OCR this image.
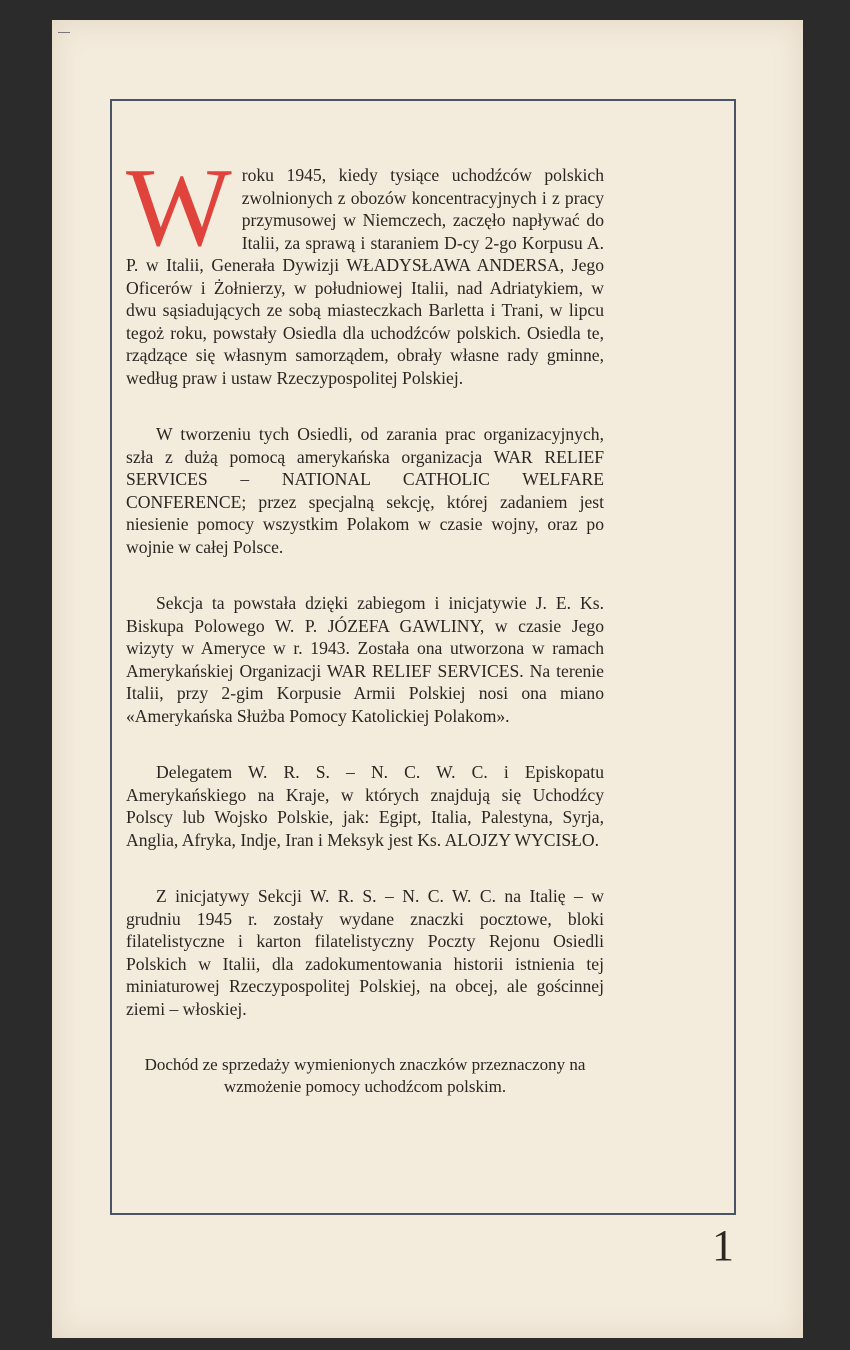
Wroku 1945, kiedy tysiące uchodźców polskich zwolnionych z obozów koncentracyjnych i z pracy przymusowej w Niemczech, zaczęło napływać do Italii, za sprawą i staraniem D-cy 2-go Korpusu A. P. w Italii, Generała Dywizji WŁADYSŁAWA ANDERSA, Jego Oficerów i Żołnierzy, w południowej Italii, nad Adriatykiem, w dwu sąsiadujących ze sobą miasteczkach Barletta i Trani, w lipcu tegoż roku, powstały Osiedla dla uchodźców polskich. Osiedla te, rządzące się własnym samorządem, obrały własne rady gminne, według praw i ustaw Rzeczypospolitej Polskiej.

W tworzeniu tych Osiedli, od zarania prac organizacyjnych, szła z dużą pomocą amerykańska organizacja WAR RELIEF SERVICES – NATIONAL CATHOLIC WELFARE CONFERENCE; przez specjalną sekcję, której zadaniem jest niesienie pomocy wszystkim Polakom w czasie wojny, oraz po wojnie w całej Polsce.

Sekcja ta powstała dzięki zabiegom i inicjatywie J. E. Ks. Biskupa Polowego W. P. JÓZEFA GAWLINY, w czasie Jego wizyty w Ameryce w r. 1943. Została ona utworzona w ramach Amerykańskiej Organizacji WAR RELIEF SERVICES. Na terenie Italii, przy 2-gim Korpusie Armii Polskiej nosi ona miano «Amerykańska Służba Pomocy Katolickiej Polakom».

Delegatem W. R. S. – N. C. W. C. i Episkopatu Amerykańskiego na Kraje, w których znajdują się Uchodźcy Polscy lub Wojsko Polskie, jak: Egipt, Italia, Palestyna, Syrja, Anglia, Afryka, Indje, Iran i Meksyk jest Ks. ALOJZY WYCISŁO.

Z inicjatywy Sekcji W. R. S. – N. C. W. C. na Italię – w grudniu 1945 r. zostały wydane znaczki pocztowe, bloki filatelistyczne i karton filatelistyczny Poczty Rejonu Osiedli Polskich w Italii, dla zadokumentowania historii istnienia tej miniaturowej Rzeczypospolitej Polskiej, na obcej, ale gościnnej ziemi – włoskiej.

Dochód ze sprzedaży wymienionych znaczków przeznaczony na wzmożenie pomocy uchodźcom polskim.

1
